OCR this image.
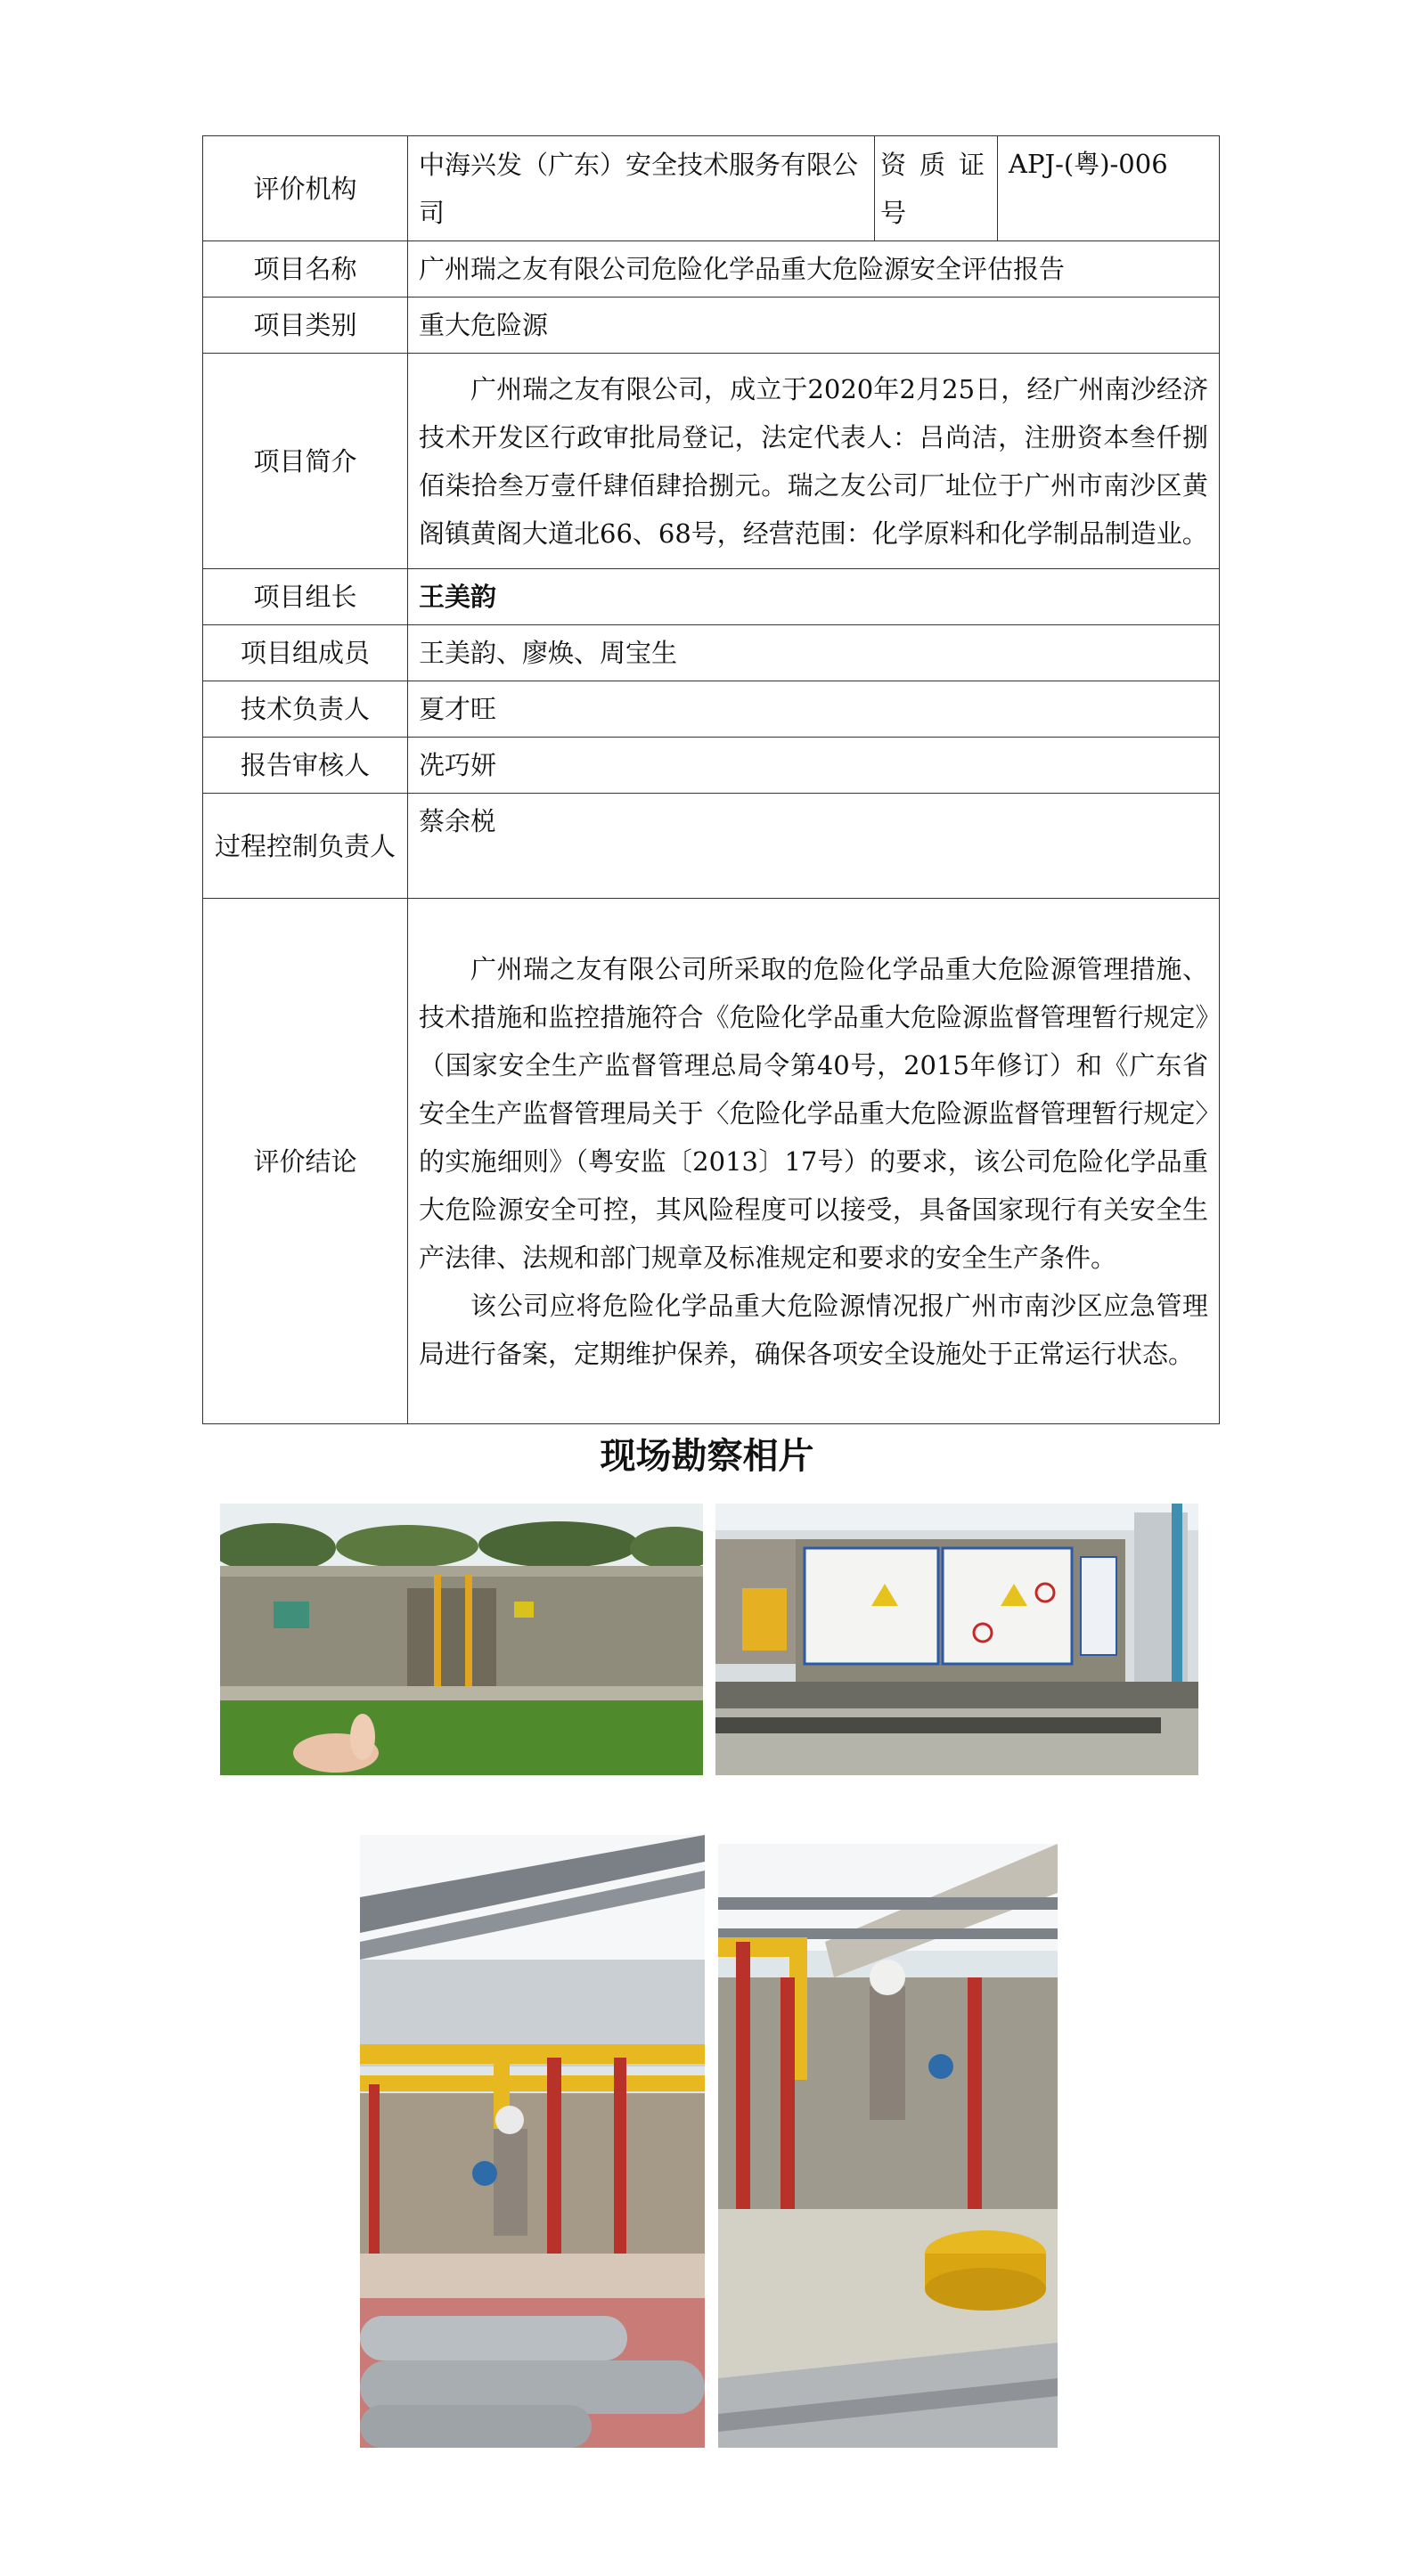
评价机构	中海兴发（广东）安全技术服务有限公司	资质证号	APJ-(粤)-006
项目名称	广州瑞之友有限公司危险化学品重大危险源安全评估报告		
项目类别	重大危险源		
项目简介	广州瑞之友有限公司，成立于2020年2月25日，经广州南沙经济技术开发区行政审批局登记，法定代表人：吕尚洁，注册资本叁仟捌佰柒拾叁万壹仟肆佰肆拾捌元。瑞之友公司厂址位于广州市南沙区黄阁镇黄阁大道北66、68号，经营范围：化学原料和化学制品制造业。		

项目组长	王美韵		
项目组成员	王美韵、廖焕、周宝生		
技术负责人	夏才旺		
报告审核人	冼巧妍		
过程控制负责人	蔡余棁		
评价结论	广州瑞之友有限公司所采取的危险化学品重大危险源管理措施、技术措施和监控措施符合《危险化学品重大危险源监督管理暂行规定》（国家安全生产监督管理总局令第40号，2015年修订）和《广东省安全生产监督管理局关于〈危险化学品重大危险源监督管理暂行规定〉的实施细则》（粤安监〔2013〕17号）的要求，该公司危险化学品重大危险源安全可控，其风险程度可以接受，具备国家现行有关安全生产法律、法规和部门规章及标准规定和要求的安全生产条件。

该公司应将危险化学品重大危险源情况报广州市南沙区应急管理局进行备案，定期维护保养，确保各项安全设施处于正常运行状态。		

现场勘察相片
